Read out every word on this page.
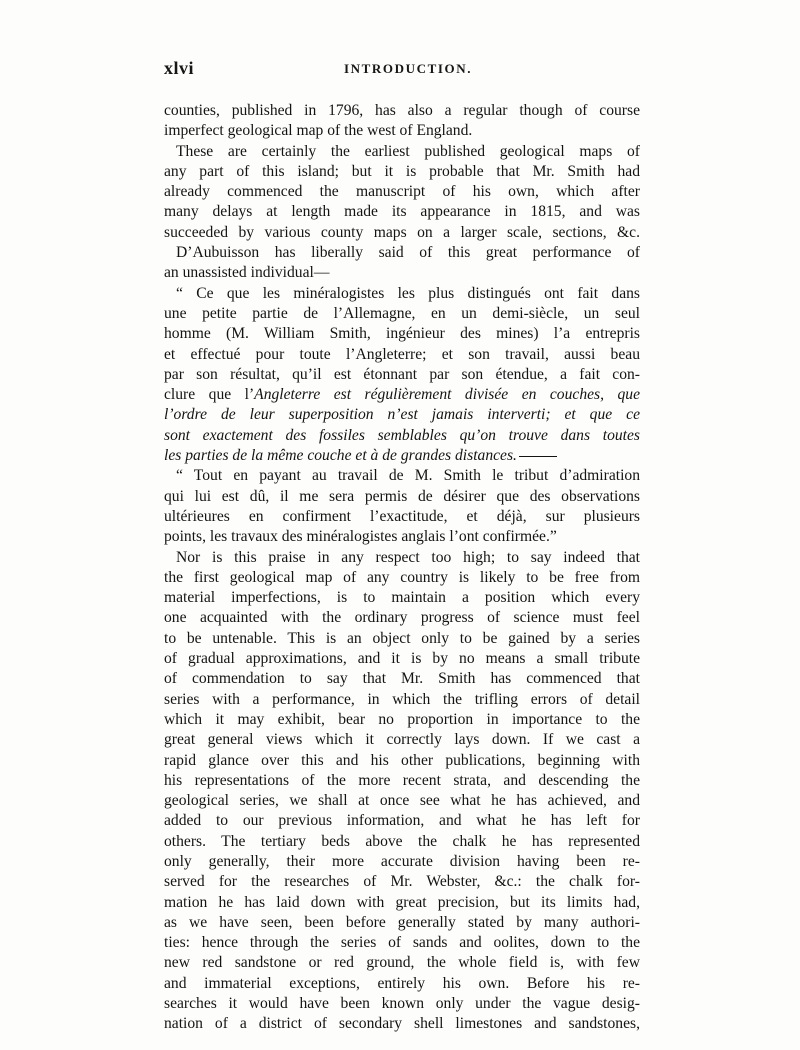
xlvi	INTRODUCTION.
counties, published in 1796, has also a regular though of course
imperfect geological map of the west of England.
These are certainly the earliest published geological maps of
any part of this island; but it is probable that Mr. Smith had
already commenced the manuscript of his own, which after
many delays at length made its appearance in 1815, and was
succeeded by various county maps on a larger scale, sections, &c.
D’Aubuisson has liberally said of this great performance of
an unassisted individual—
“ Ce que les minéralogistes les plus distingués ont fait dans
une petite partie de l’Allemagne, en un demi-siècle, un seul
homme (M. William Smith, ingénieur des mines) l’a entrepris
et effectué pour toute l’Angleterre; et son travail, aussi beau
par son résultat, qu’il est étonnant par son étendue, a fait con-
clure que l’Angleterre est régulièrement divisée en couches, que
l’ordre de leur superposition n’est jamais interverti; et que ce
sont exactement des fossiles semblables qu’on trouve dans toutes
les parties de la même couche et à de grandes distances.
“ Tout en payant au travail de M. Smith le tribut d’admiration
qui lui est dû, il me sera permis de désirer que des observations
ultérieures en confirment l’exactitude, et déjà, sur plusieurs
points, les travaux des minéralogistes anglais l’ont confirmée.”
Nor is this praise in any respect too high; to say indeed that
the first geological map of any country is likely to be free from
material imperfections, is to maintain a position which every
one acquainted with the ordinary progress of science must feel
to be untenable. This is an object only to be gained by a series
of gradual approximations, and it is by no means a small tribute
of commendation to say that Mr. Smith has commenced that
series with a performance, in which the trifling errors of detail
which it may exhibit, bear no proportion in importance to the
great general views which it correctly lays down. If we cast a
rapid glance over this and his other publications, beginning with
his representations of the more recent strata, and descending the
geological series, we shall at once see what he has achieved, and
added to our previous information, and what he has left for
others. The tertiary beds above the chalk he has represented
only generally, their more accurate division having been re-
served for the researches of Mr. Webster, &c.: the chalk for-
mation he has laid down with great precision, but its limits had,
as we have seen, been before generally stated by many authori-
ties: hence through the series of sands and oolites, down to the
new red sandstone or red ground, the whole field is, with few
and immaterial exceptions, entirely his own. Before his re-
searches it would have been known only under the vague desig-
nation of a district of secondary shell limestones and sandstones,
